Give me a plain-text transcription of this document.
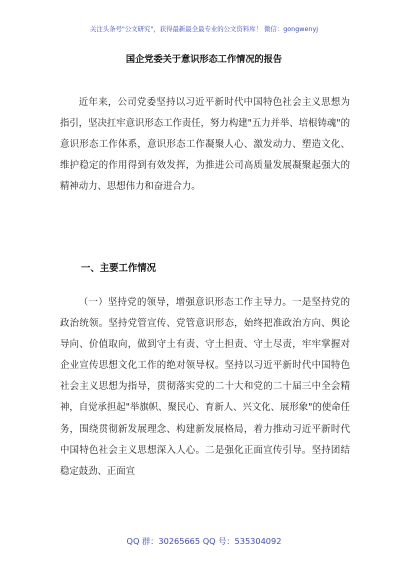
关注头条号"公文研究"，获得最新最全最专业的公文资料库！ 微信：gongwenyj
国企党委关于意识形态工作情况的报告

近年来，公司党委坚持以习近平新时代中国特色社会主义思想为指引，坚决扛牢意识形态工作责任，努力构建"五力并举、培根铸魂"的意识形态工作体系，意识形态工作凝聚人心、激发动力、塑造文化、维护稳定的作用得到有效发挥，为推进公司高质量发展凝聚起强大的精神动力、思想伟力和奋进合力。

一、主要工作情况

（一）坚持党的领导，增强意识形态工作主导力。一是坚持党的政治统领。坚持党管宣传、党管意识形态，始终把准政治方向、舆论导向、价值取向，做到守土有责、守土担责、守土尽责，牢牢掌握对企业宣传思想文化工作的绝对领导权。坚持以习近平新时代中国特色社会主义思想为指导，贯彻落实党的二十大和党的二十届三中全会精神，自觉承担起"举旗帜、聚民心、育新人、兴文化、展形象"的使命任务，围绕贯彻新发展理念、构建新发展格局，着力推动习近平新时代中国特色社会主义思想深入人心。二是强化正面宣传引导。坚持团结稳定鼓劲、正面宣

QQ 群：30265665 QQ 号：535304092
